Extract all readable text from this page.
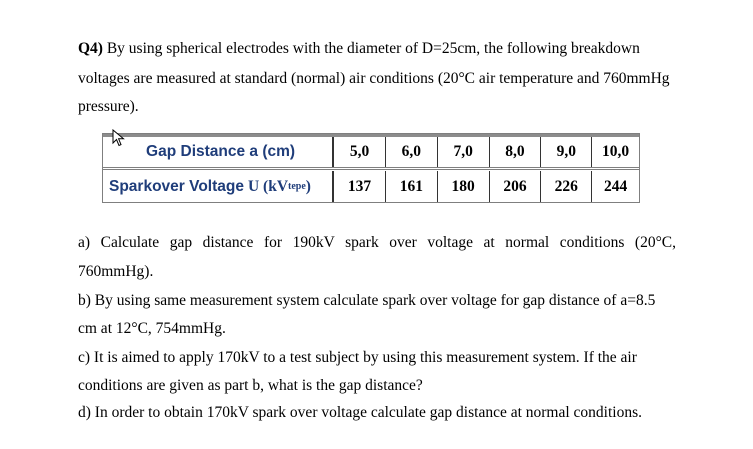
Q4) By using spherical electrodes with the diameter of D=25cm, the following breakdown
voltages are measured at standard (normal) air conditions (20°C air temperature and 760mmHg
pressure).
Gap Distance a (cm)	5,0	6,0	7,0	8,0	9,0	10,0
Sparkover Voltage U (kV tepe )	137	161	180	206	226	244
a) Calculate gap distance for 190kV spark over voltage at normal conditions (20°C,
760mmHg).
b) By using same measurement system calculate spark over voltage for gap distance of a=8.5
cm at 12°C, 754mmHg.
c) It is aimed to apply 170kV to a test subject by using this measurement system. If the air
conditions are given as part b, what is the gap distance?
d) In order to obtain 170kV spark over voltage calculate gap distance at normal conditions.
